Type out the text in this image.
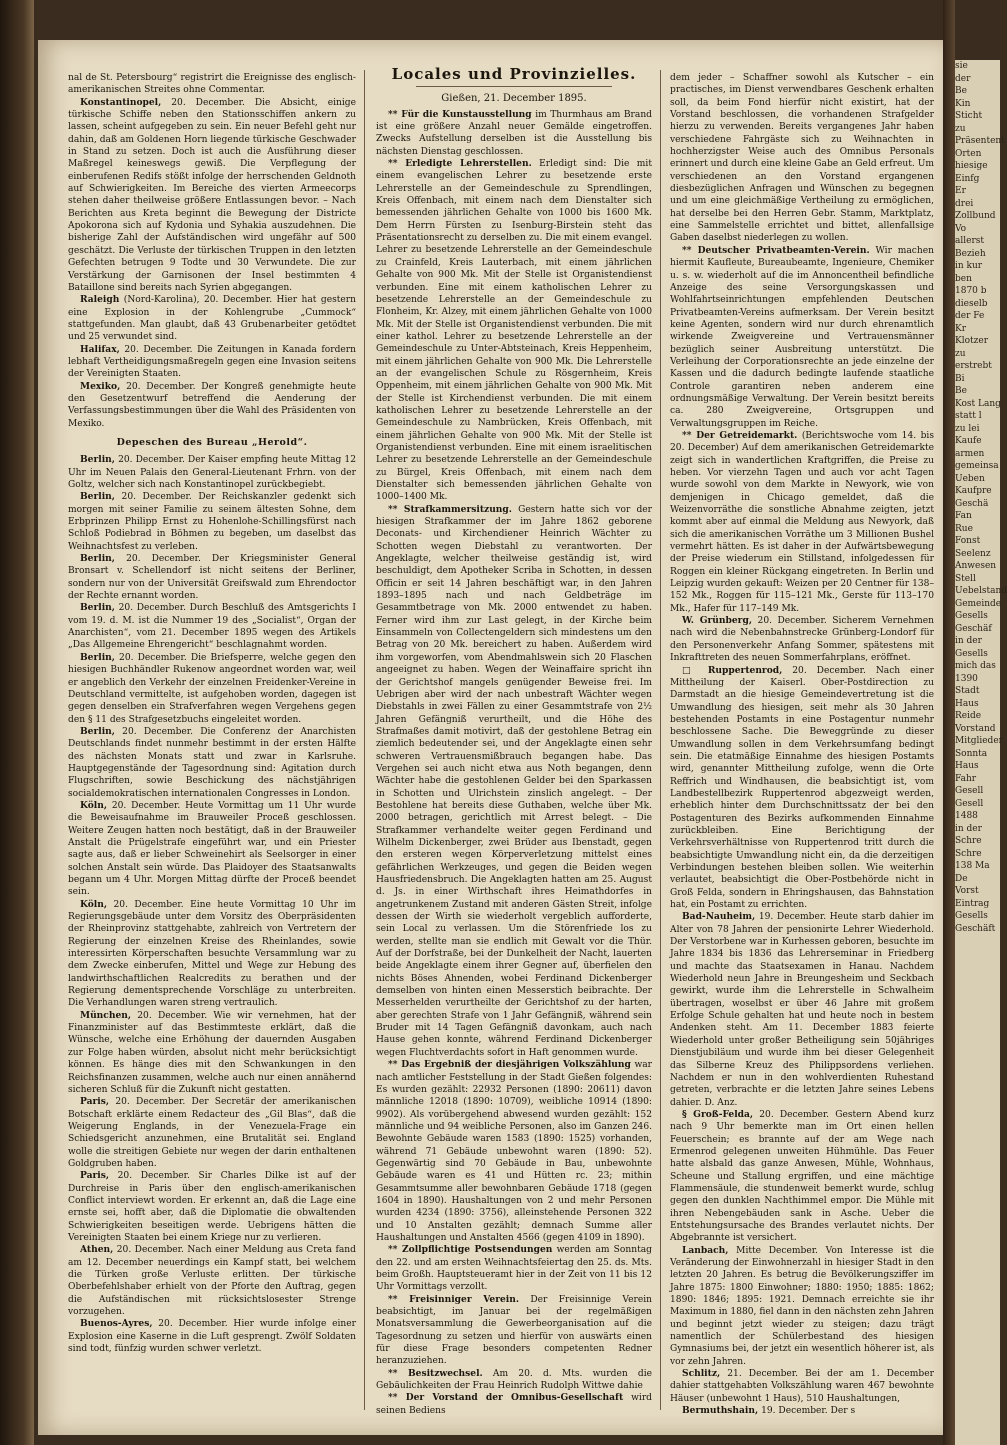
nal de St. Petersbourg“ registrirt die Ereignisse des englisch-amerikanischen Streites ohne Commentar.

Konstantinopel, 20. December. Die Absicht, einige türkische Schiffe neben den Stationsschiffen ankern zu lassen, scheint aufgegeben zu sein. Ein neuer Befehl geht nur dahin, daß am Goldenen Horn liegende türkische Geschwader in Stand zu setzen. Doch ist auch die Ausführung dieser Maßregel keineswegs gewiß. Die Verpflegung der einberufenen Redifs stößt infolge der herrschenden Geldnoth auf Schwierigkeiten. Im Bereiche des vierten Armeecorps stehen daher theilweise größere Entlassungen bevor. – Nach Berichten aus Kreta beginnt die Bewegung der Districte Apokorona sich auf Kydonia und Syhakia auszudehnen. Die bisherige Zahl der Aufständischen wird ungefähr auf 500 geschätzt. Die Verluste der türkischen Truppen in den letzten Gefechten betrugen 9 Todte und 30 Verwundete. Die zur Verstärkung der Garnisonen der Insel bestimmten 4 Bataillone sind bereits nach Syrien abgegangen.

Raleigh (Nord-Karolina), 20. December. Hier hat gestern eine Explosion in der Kohlengrube „Cummock“ stattgefunden. Man glaubt, daß 43 Grubenarbeiter getödtet und 25 verwundet sind.

Halifax, 20. December. Die Zeitungen in Kanada fordern lebhaft Vertheidigungsmaßregeln gegen eine Invasion seitens der Vereinigten Staaten.

Mexiko, 20. December. Der Kongreß genehmigte heute den Gesetzentwurf betreffend die Aenderung der Verfassungsbestimmungen über die Wahl des Präsidenten von Mexiko.

Depeschen des Bureau „Herold“.

Berlin, 20. December. Der Kaiser empfing heute Mittag 12 Uhr im Neuen Palais den General-Lieutenant Frhrn. von der Goltz, welcher sich nach Konstantinopel zurückbegiebt.

Berlin, 20. December. Der Reichskanzler gedenkt sich morgen mit seiner Familie zu seinem ältesten Sohne, dem Erbprinzen Philipp Ernst zu Hohenlohe-Schillingsfürst nach Schloß Podiebrad in Böhmen zu begeben, um daselbst das Weihnachtsfest zu verleben.

Berlin, 20. December. Der Kriegsminister General Bronsart v. Schellendorf ist nicht seitens der Berliner, sondern nur von der Universität Greifswald zum Ehrendoctor der Rechte ernannt worden.

Berlin, 20. December. Durch Beschluß des Amtsgerichts I vom 19. d. M. ist die Nummer 19 des „Socialist“, Organ der Anarchisten“, vom 21. December 1895 wegen des Artikels „Das Allgemeine Ehrengericht“ beschlagnahmt worden.

Berlin, 20. December. Die Briefsperre, welche gegen den hiesigen Buchhändler Rukenow angeordnet worden war, weil er angeblich den Verkehr der einzelnen Freidenker-Vereine in Deutschland vermittelte, ist aufgehoben worden, dagegen ist gegen denselben ein Strafverfahren wegen Vergehens gegen den § 11 des Strafgesetzbuchs eingeleitet worden.

Berlin, 20. December. Die Conferenz der Anarchisten Deutschlands findet nunmehr bestimmt in der ersten Hälfte des nächsten Monats statt und zwar in Karlsruhe. Hauptgegenstände der Tagesordnung sind: Agitation durch Flugschriften, sowie Beschickung des nächstjährigen socialdemokratischen internationalen Congresses in London.

Köln, 20. December. Heute Vormittag um 11 Uhr wurde die Beweisaufnahme im Brauweiler Proceß geschlossen. Weitere Zeugen hatten noch bestätigt, daß in der Brauweiler Anstalt die Prügelstrafe eingeführt war, und ein Priester sagte aus, daß er lieber Schweinehirt als Seelsorger in einer solchen Anstalt sein würde. Das Plaidoyer des Staatsanwalts begann um 4 Uhr. Morgen Mittag dürfte der Proceß beendet sein.

Köln, 20. December. Eine heute Vormittag 10 Uhr im Regierungsgebäude unter dem Vorsitz des Oberpräsidenten der Rheinprovinz stattgehabte, zahlreich von Vertretern der Regierung der einzelnen Kreise des Rheinlandes, sowie interessirten Körperschaften besuchte Versammlung war zu dem Zwecke einberufen, Mittel und Wege zur Hebung des landwirthschaftlichen Realcredits zu berathen und der Regierung dementsprechende Vorschläge zu unterbreiten. Die Verhandlungen waren streng vertraulich.

München, 20. December. Wie wir vernehmen, hat der Finanzminister auf das Bestimmteste erklärt, daß die Wünsche, welche eine Erhöhung der dauernden Ausgaben zur Folge haben würden, absolut nicht mehr berücksichtigt können. Es hänge dies mit den Schwankungen in den Reichsfinanzen zusammen, welche auch nur einen annähernd sicheren Schluß für die Zukunft nicht gestatten.

Paris, 20. December. Der Secretär der amerikanischen Botschaft erklärte einem Redacteur des „Gil Blas“, daß die Weigerung Englands, in der Venezuela-Frage ein Schiedsgericht anzunehmen, eine Brutalität sei. England wolle die streitigen Gebiete nur wegen der darin enthaltenen Goldgruben haben.

Paris, 20. December. Sir Charles Dilke ist auf der Durchreise in Paris über den englisch-amerikanischen Conflict interviewt worden. Er erkennt an, daß die Lage eine ernste sei, hofft aber, daß die Diplomatie die obwaltenden Schwierigkeiten beseitigen werde. Uebrigens hätten die Vereinigten Staaten bei einem Kriege nur zu verlieren.

Athen, 20. December. Nach einer Meldung aus Creta fand am 12. December neuerdings ein Kampf statt, bei welchem die Türken große Verluste erlitten. Der türkische Oberbefehlshaber erhielt von der Pforte den Auftrag, gegen die Aufständischen mit rücksichtslosester Strenge vorzugehen.

Buenos-Ayres, 20. December. Hier wurde infolge einer Explosion eine Kaserne in die Luft gesprengt. Zwölf Soldaten sind todt, fünfzig wurden schwer verletzt.

Locales und Provinzielles.
Gießen, 21. December 1895.

** Für die Kunstausstellung im Thurmhaus am Brand ist eine größere Anzahl neuer Gemälde eingetroffen. Zwecks Aufstellung derselben ist die Ausstellung bis nächsten Dienstag geschlossen.

** Erledigte Lehrerstellen. Erledigt sind: Die mit einem evangelischen Lehrer zu besetzende erste Lehrerstelle an der Gemeindeschule zu Sprendlingen, Kreis Offenbach, mit einem nach dem Dienstalter sich bemessenden jährlichen Gehalte von 1000 bis 1600 Mk. Dem Herrn Fürsten zu Isenburg-Birstein steht das Präsentationsrecht zu derselben zu. Die mit einem evangel. Lehrer zu besetzende Lehrerstelle an der Gemeindeschule zu Crainfeld, Kreis Lauterbach, mit einem jährlichen Gehalte von 900 Mk. Mit der Stelle ist Organistendienst verbunden. Eine mit einem katholischen Lehrer zu besetzende Lehrerstelle an der Gemeindeschule zu Flonheim, Kr. Alzey, mit einem jährlichen Gehalte von 1000 Mk. Mit der Stelle ist Organistendienst verbunden. Die mit einer kathol. Lehrer zu besetzende Lehrerstelle an der Gemeindeschule zu Unter-Abtsteinach, Kreis Heppenheim, mit einem jährlichen Gehalte von 900 Mk. Die Lehrerstelle an der evangelischen Schule zu Rösgernheim, Kreis Oppenheim, mit einem jährlichen Gehalte von 900 Mk. Mit der Stelle ist Kirchendienst verbunden. Die mit einem katholischen Lehrer zu besetzende Lehrerstelle an der Gemeindeschule zu Nambrücken, Kreis Offenbach, mit einem jährlichen Gehalte von 900 Mk. Mit der Stelle ist Organistendienst verbunden. Eine mit einem israelitischen Lehrer zu besetzende Lehrerstelle an der Gemeindeschule zu Bürgel, Kreis Offenbach, mit einem nach dem Dienstalter sich bemessenden jährlichen Gehalte von 1000–1400 Mk.

** Strafkammersitzung. Gestern hatte sich vor der hiesigen Strafkammer der im Jahre 1862 geborene Deconats- und Kirchendiener Heinrich Wächter zu Schotten wegen Diebstahl zu verantworten. Der Angeklagte, welcher theilweise geständig ist, wird beschuldigt, dem Apotheker Scriba in Schotten, in dessen Officin er seit 14 Jahren beschäftigt war, in den Jahren 1893–1895 nach und nach Geldbeträge im Gesammtbetrage von Mk. 2000 entwendet zu haben. Ferner wird ihm zur Last gelegt, in der Kirche beim Einsammeln von Collectengeldern sich mindestens um den Betrag von 20 Mk. bereichert zu haben. Außerdem wird ihm vorgeworfen, vom Abendmahlswein sich 20 Flaschen angeeignet zu haben. Wegen der Weinaffaire spricht ihn der Gerichtshof mangels genügender Beweise frei. Im Uebrigen aber wird der nach unbestraft Wächter wegen Diebstahls in zwei Fällen zu einer Gesammtstrafe von 2½ Jahren Gefängniß verurtheilt, und die Höhe des Strafmaßes damit motivirt, daß der gestohlene Betrag ein ziemlich bedeutender sei, und der Angeklagte einen sehr schweren Vertrauensmißbrauch begangen habe. Das Vergehen sei auch nicht etwa aus Noth begangen, denn Wächter habe die gestohlenen Gelder bei den Sparkassen in Schotten und Ulrichstein zinslich angelegt. – Der Bestohlene hat bereits diese Guthaben, welche über Mk. 2000 betragen, gerichtlich mit Arrest belegt. – Die Strafkammer verhandelte weiter gegen Ferdinand und Wilhelm Dickenberger, zwei Brüder aus Ibenstadt, gegen den ersteren wegen Körperverletzung mittelst eines gefährlichen Werkzeuges, und gegen die Beiden wegen Hausfriedensbruch. Die Angeklagten hatten am 25. August d. Js. in einer Wirthschaft ihres Heimathdorfes in angetrunkenem Zustand mit anderen Gästen Streit, infolge dessen der Wirth sie wiederholt vergeblich aufforderte, sein Local zu verlassen. Um die Störenfriede los zu werden, stellte man sie endlich mit Gewalt vor die Thür. Auf der Dorfstraße, bei der Dunkelheit der Nacht, lauerten beide Angeklagte einem ihrer Gegner auf, überfielen den nichts Böses Ahnenden, wobei Ferdinand Dickenberger demselben von hinten einen Messerstich beibrachte. Der Messerhelden verurtheilte der Gerichtshof zu der harten, aber gerechten Strafe von 1 Jahr Gefängniß, während sein Bruder mit 14 Tagen Gefängniß davonkam, auch nach Hause gehen konnte, während Ferdinand Dickenberger wegen Fluchtverdachts sofort in Haft genommen wurde.

** Das Ergebniß der diesjährigen Volkszählung war nach amtlicher Feststellung in der Stadt Gießen folgendes: Es wurden gezählt: 22932 Personen (1890: 20611) davon männliche 12018 (1890: 10709), weibliche 10914 (1890: 9902). Als vorübergehend abwesend wurden gezählt: 152 männliche und 94 weibliche Personen, also im Ganzen 246. Bewohnte Gebäude waren 1583 (1890: 1525) vorhanden, während 71 Gebäude unbewohnt waren (1890: 52). Gegenwärtig sind 70 Gebäude in Bau, unbewohnte Gebäude waren es 41 und Hütten rc. 23; mithin Gesammtsumme aller bewohnbaren Gebäude 1718 (gegen 1604 in 1890). Haushaltungen von 2 und mehr Personen wurden 4234 (1890: 3756), alleinstehende Personen 322 und 10 Anstalten gezählt; demnach Summe aller Haushaltungen und Anstalten 4566 (gegen 4109 in 1890).

** Zollpflichtige Postsendungen werden am Sonntag den 22. und am ersten Weihnachtsfeiertag den 25. ds. Mts. beim Großh. Hauptsteueramt hier in der Zeit von 11 bis 12 Uhr Vormittags verzollt.

** Freisinniger Verein. Der Freisinnige Verein beabsichtigt, im Januar bei der regelmäßigen Monatsversammlung die Gewerbeorganisation auf die Tagesordnung zu setzen und hierfür von auswärts einen für diese Frage besonders competenten Redner heranzuziehen.

** Besitzwechsel. Am 20. d. Mts. wurden die Gebäulichkeiten der Frau Heinrich Rudolph Wittwe dahie

** Der Vorstand der Omnibus-Gesellschaft wird seinen Bediens

dem jeder – Schaffner sowohl als Kutscher – ein practisches, im Dienst verwendbares Geschenk erhalten soll, da beim Fond hierfür nicht existirt, hat der Vorstand beschlossen, die vorhandenen Strafgelder hierzu zu verwenden. Bereits vergangenes Jahr haben verschiedene Fahrgäste sich zu Weihnachten in hochherzigster Weise auch des Omnibus Personals erinnert und durch eine kleine Gabe an Geld erfreut. Um verschiedenen an den Vorstand ergangenen diesbezüglichen Anfragen und Wünschen zu begegnen und um eine gleichmäßige Vertheilung zu ermöglichen, hat derselbe bei den Herren Gebr. Stamm, Marktplatz, eine Sammelstelle errichtet und bittet, allenfallsige Gaben daselbst niederlegen zu wollen.

** Deutscher Privatbeamten-Verein. Wir machen hiermit Kaufleute, Bureaubeamte, Ingenieure, Chemiker u. s. w. wiederholt auf die im Annoncentheil befindliche Anzeige des seine Versorgungskassen und Wohlfahrtseinrichtungen empfehlenden Deutschen Privatbeamten-Vereins aufmerksam. Der Verein besitzt keine Agenten, sondern wird nur durch ehrenamtlich wirkende Zweigvereine und Vertrauensmänner bezüglich seiner Ausbreitung unterstützt. Die Verleihung der Corporationsrechte an jede einzelne der Kassen und die dadurch bedingte laufende staatliche Controle garantiren neben anderem eine ordnungsmäßige Verwaltung. Der Verein besitzt bereits ca. 280 Zweigvereine, Ortsgruppen und Verwaltungsgruppen im Reiche.

** Der Getreidemarkt. (Berichtswoche vom 14. bis 20. December) Auf dem amerikanischen Getreidemarkte zeigt sich in wandertlichen Kraftgriffen, die Preise zu heben. Vor vierzehn Tagen und auch vor acht Tagen wurde sowohl von dem Markte in Newyork, wie von demjenigen in Chicago gemeldet, daß die Weizenvorräthe die sonstliche Abnahme zeigten, jetzt kommt aber auf einmal die Meldung aus Newyork, daß sich die amerikanischen Vorräthe um 3 Millionen Bushel vermehrt hätten. Es ist daher in der Aufwärtsbewegung der Preise wiederum ein Stillstand, infolgedessen für Roggen ein kleiner Rückgang eingetreten. In Berlin und Leipzig wurden gekauft: Weizen per 20 Centner für 138–152 Mk., Roggen für 115–121 Mk., Gerste für 113–170 Mk., Hafer für 117–149 Mk.

W. Grünberg, 20. December. Sicherem Vernehmen nach wird die Nebenbahnstrecke Grünberg-Londorf für den Personenverkehr Anfang Sommer, spätestens mit Inkrafttreten des neuen Sommerfahrplans, eröffnet.

□ Ruppertenrod, 20. December. Nach einer Mittheilung der Kaiserl. Ober-Postdirection zu Darmstadt an die hiesige Gemeindevertretung ist die Umwandlung des hiesigen, seit mehr als 30 Jahren bestehenden Postamts in eine Postagentur nunmehr beschlossene Sache. Die Beweggründe zu dieser Umwandlung sollen in dem Verkehrsumfang bedingt sein. Die etatmäßige Einnahme des hiesigen Postamts wird, genannter Mittheilung zufolge, wenn die Orte Reffrich und Windhausen, die beabsichtigt ist, vom Landbestellbezirk Ruppertenrod abgezweigt werden, erheblich hinter dem Durchschnittssatz der bei den Postagenturen des Bezirks aufkommenden Einnahme zurückbleiben. Eine Berichtigung der Verkehrsverhältnisse von Ruppertenrod tritt durch die beabsichtigte Umwandlung nicht ein, da die derzeitigen Verbindungen bestehen bleiben sollen. Wie weiterhin verlautet, beabsichtigt die Ober-Postbehörde nicht in Groß Felda, sondern in Ehringshausen, das Bahnstation hat, ein Postamt zu errichten.

Bad-Nauheim, 19. December. Heute starb dahier im Alter von 78 Jahren der pensionirte Lehrer Wiederhold. Der Verstorbene war in Kurhessen geboren, besuchte im Jahre 1834 bis 1836 das Lehrerseminar in Friedberg und machte das Staatsexamen in Hanau. Nachdem Wiederhold neun Jahre in Breungesheim und Seckbach gewirkt, wurde ihm die Lehrerstelle in Schwalheim übertragen, woselbst er über 46 Jahre mit großem Erfolge Schule gehalten hat und heute noch in bestem Andenken steht. Am 11. December 1883 feierte Wiederhold unter großer Betheiligung sein 50jähriges Dienstjubiläum und wurde ihm bei dieser Gelegenheit das Silberne Kreuz des Philippsordens verliehen. Nachdem er nun in den wohlverdienten Ruhestand getreten, verbrachte er die letzten Jahre seines Lebens dahier. D. Anz.

§ Groß-Felda, 20. December. Gestern Abend kurz nach 9 Uhr bemerkte man im Ort einen hellen Feuerschein; es brannte auf der am Wege nach Ermenrod gelegenen unweiten Hühmühle. Das Feuer hatte alsbald das ganze Anwesen, Mühle, Wohnhaus, Scheune und Stallung ergriffen, und eine mächtige Flammensäule, die stundenweit bemerkt wurde, schlug gegen den dunklen Nachthimmel empor. Die Mühle mit ihren Nebengebäuden sank in Asche. Ueber die Entstehungsursache des Brandes verlautet nichts. Der Abgebrannte ist versichert.

Lanbach, Mitte December. Von Interesse ist die Veränderung der Einwohnerzahl in hiesiger Stadt in den letzten 20 Jahren. Es betrug die Bevölkerungsziffer im Jahre 1875: 1800 Einwohner; 1880: 1950; 1885: 1862; 1890: 1846; 1895: 1921. Demnach erreichte sie ihr Maximum in 1880, fiel dann in den nächsten zehn Jahren und beginnt jetzt wieder zu steigen; dazu trägt namentlich der Schülerbestand des hiesigen Gymnasiums bei, der jetzt ein wesentlich höherer ist, als vor zehn Jahren.

Schlitz, 21. December. Bei der am 1. December dahier stattgehabten Volkszählung waren 467 bewohnte Häuser (unbewohnt 1 Haus), 510 Haushaltungen,

Bermuthshain, 19. December. Der s

sie
der
Be
Kin
Sticht
zu
Präsentent
Orten
hiesige
Einfg
Er
drei
Zollbund
Vo
allerst
Bezieh
in kur
ben
1870 b
dieselb
der Fe
Kr
Klotzer
zu
erstrebt
Bi
Be
Kost Lang
statt l
zu lei
Kaufe
armen
gemeinsa
Ueben
Kaufpre
Geschä
Fan
Rue
Fonst
Seelenz
Anwesen
Stell
Uebelstand
Gemeinde
Gesells
Geschäf
in der
Gesells
mich das
1390
Stadt
Haus
Reide
Vorstand
Mitglieder
Sonnta
Haus
Fahr
Gesell
Gesell
1488
in der
Schre
Schre
138 Ma
De
Vorst
Eintrag
Gesells
Geschäft
